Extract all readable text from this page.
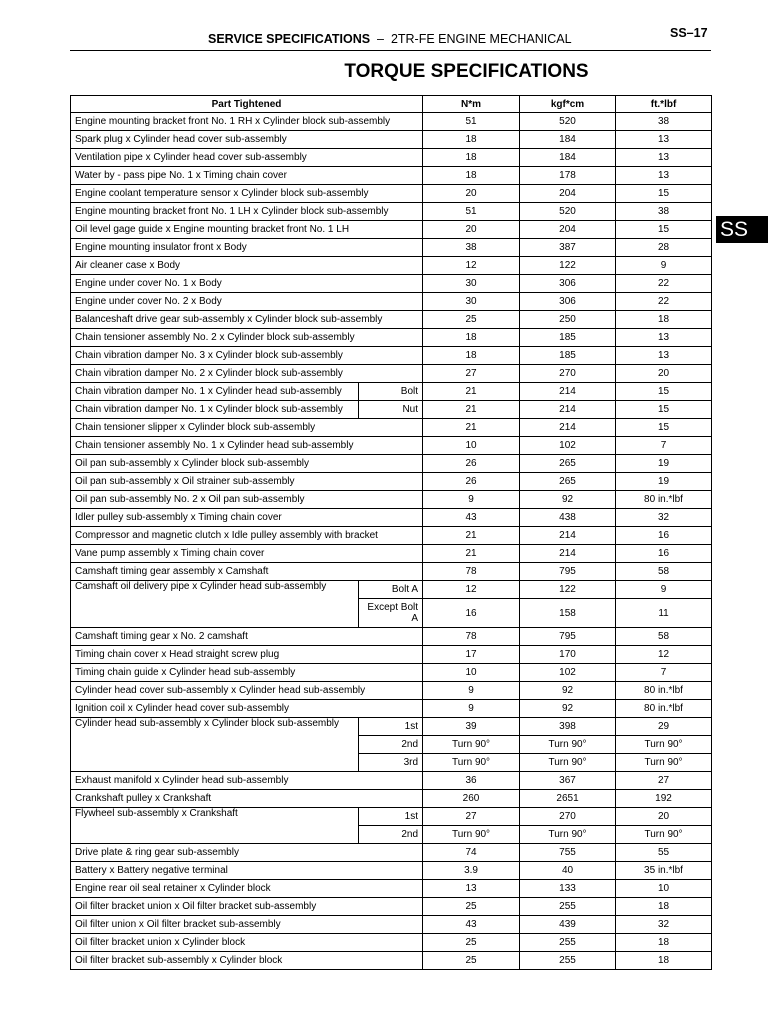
SERVICE SPECIFICATIONS – 2TR-FE ENGINE MECHANICAL	SS–17
TORQUE SPECIFICATIONS
SS
Part Tightened		N*m	kgf*cm	ft.*lbf
Engine mounting bracket front No. 1 RH x Cylinder block sub-assembly		51	520	38
Spark plug x Cylinder head cover sub-assembly		18	184	13
Ventilation pipe x Cylinder head cover sub-assembly		18	184	13
Water by - pass pipe No. 1 x Timing chain cover		18	178	13
Engine coolant temperature sensor x Cylinder block sub-assembly		20	204	15
Engine mounting bracket front No. 1 LH x Cylinder block sub-assembly		51	520	38
Oil level gage guide x Engine mounting bracket front No. 1 LH		20	204	15
Engine mounting insulator front x Body		38	387	28
Air cleaner case x Body		12	122	9
Engine under cover No. 1 x Body		30	306	22
Engine under cover No. 2 x Body		30	306	22
Balanceshaft drive gear sub-assembly x Cylinder block sub-assembly		25	250	18
Chain tensioner assembly No. 2 x Cylinder block sub-assembly		18	185	13
Chain vibration damper No. 3 x Cylinder block sub-assembly		18	185	13
Chain vibration damper No. 2 x Cylinder block sub-assembly		27	270	20
Chain vibration damper No. 1 x Cylinder head sub-assembly	Bolt	21	214	15
Chain vibration damper No. 1 x Cylinder block sub-assembly	Nut	21	214	15
Chain tensioner slipper x Cylinder block sub-assembly		21	214	15
Chain tensioner assembly No. 1 x Cylinder head sub-assembly		10	102	7
Oil pan sub-assembly x Cylinder block sub-assembly		26	265	19
Oil pan sub-assembly x Oil strainer sub-assembly		26	265	19
Oil pan sub-assembly No. 2 x Oil pan sub-assembly		9	92	80 in.*lbf
Idler pulley sub-assembly x Timing chain cover		43	438	32
Compressor and magnetic clutch x Idle pulley assembly with bracket		21	214	16
Vane pump assembly x Timing chain cover		21	214	16
Camshaft timing gear assembly x Camshaft		78	795	58
Camshaft oil delivery pipe x Cylinder head sub-assembly	Bolt A	12	122	9
	Except Bolt A	16	158	11
Camshaft timing gear x No. 2 camshaft		78	795	58
Timing chain cover x Head straight screw plug		17	170	12
Timing chain guide x Cylinder head sub-assembly		10	102	7
Cylinder head cover sub-assembly x Cylinder head sub-assembly		9	92	80 in.*lbf
Ignition coil x Cylinder head cover sub-assembly		9	92	80 in.*lbf
Cylinder head sub-assembly x Cylinder block sub-assembly	1st	39	398	29
	2nd	Turn 90°	Turn 90°	Turn 90°
	3rd	Turn 90°	Turn 90°	Turn 90°
Exhaust manifold x Cylinder head sub-assembly		36	367	27
Crankshaft pulley x Crankshaft		260	2651	192
Flywheel sub-assembly x Crankshaft	1st	27	270	20
	2nd	Turn 90°	Turn 90°	Turn 90°
Drive plate & ring gear sub-assembly		74	755	55
Battery x Battery negative terminal		3.9	40	35 in.*lbf
Engine rear oil seal retainer x Cylinder block		13	133	10
Oil filter bracket union x Oil filter bracket sub-assembly		25	255	18
Oil filter union x Oil filter bracket sub-assembly		43	439	32
Oil filter bracket union x Cylinder block		25	255	18
Oil filter bracket sub-assembly x Cylinder block		25	255	18
